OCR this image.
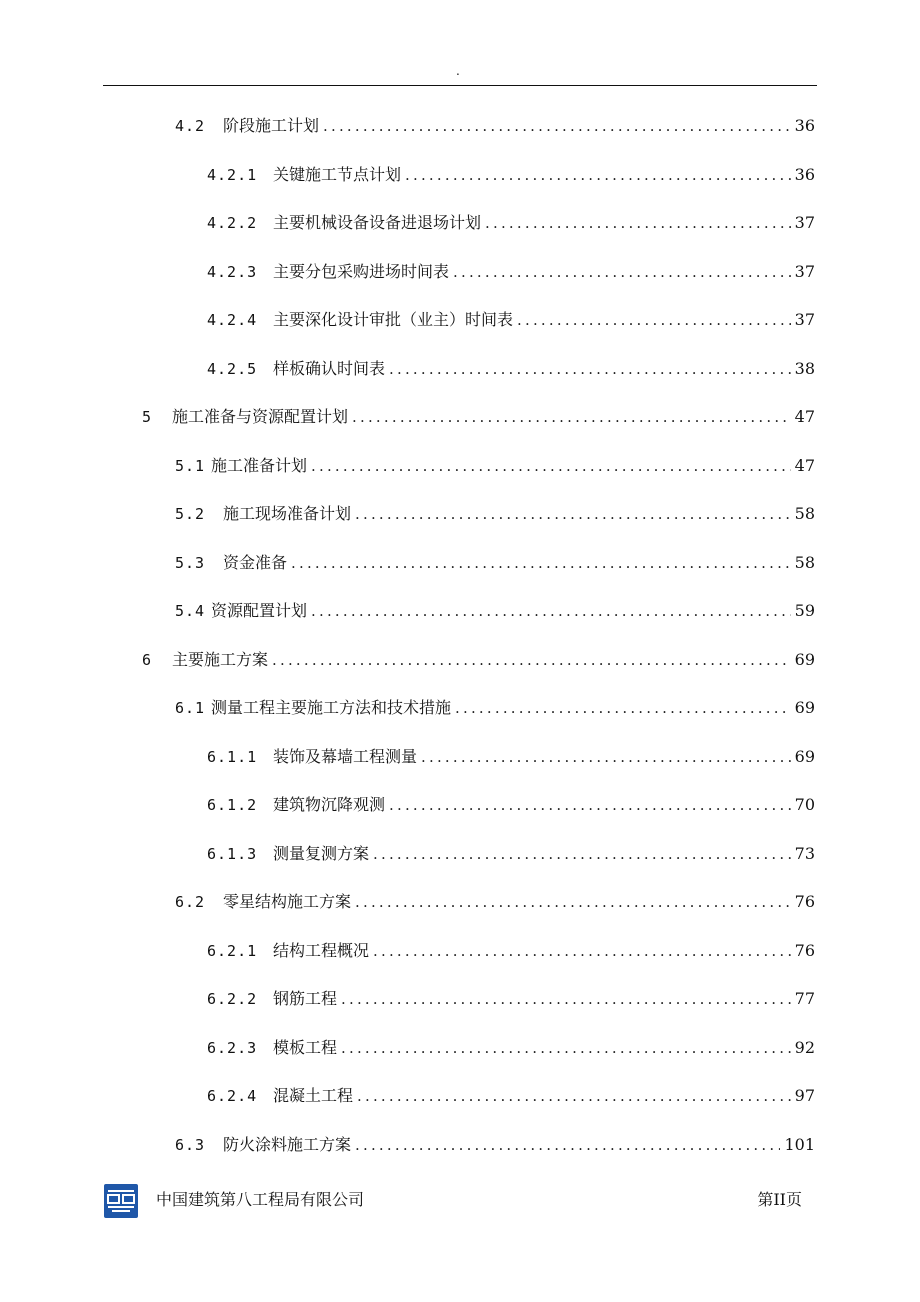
.
4.2	阶段施工计划 .....	36
4.2.1 关键施工节点计划 .....	36
4.2.2 主要机械设备设备进退场计划 .....	37
4.2.3 主要分包采购进场时间表 .....	37
4.2.4 主要深化设计审批（业主）时间表 .....	37
4.2.5 样板确认时间表 .....	38
5	施工准备与资源配置计划 .....	47
5.1 施工准备计划 .....	47
5.2	施工现场准备计划 .....	58
5.3	资金准备 .....	58
5.4 资源配置计划 .....	59
6	主要施工方案 .....	69
6.1 测量工程主要施工方法和技术措施 .....	69
6.1.1 装饰及幕墙工程测量 .....	69
6.1.2 建筑物沉降观测 .....	70
6.1.3 测量复测方案 .....	73
6.2	零星结构施工方案 .....	76
6.2.1 结构工程概况 .....	76
6.2.2 钢筋工程 .....	77
6.2.3 模板工程 .....	92
6.2.4 混凝土工程 .....	97
6.3	防火涂料施工方案 .....	101
中国建筑第八工程局有限公司	第II页
